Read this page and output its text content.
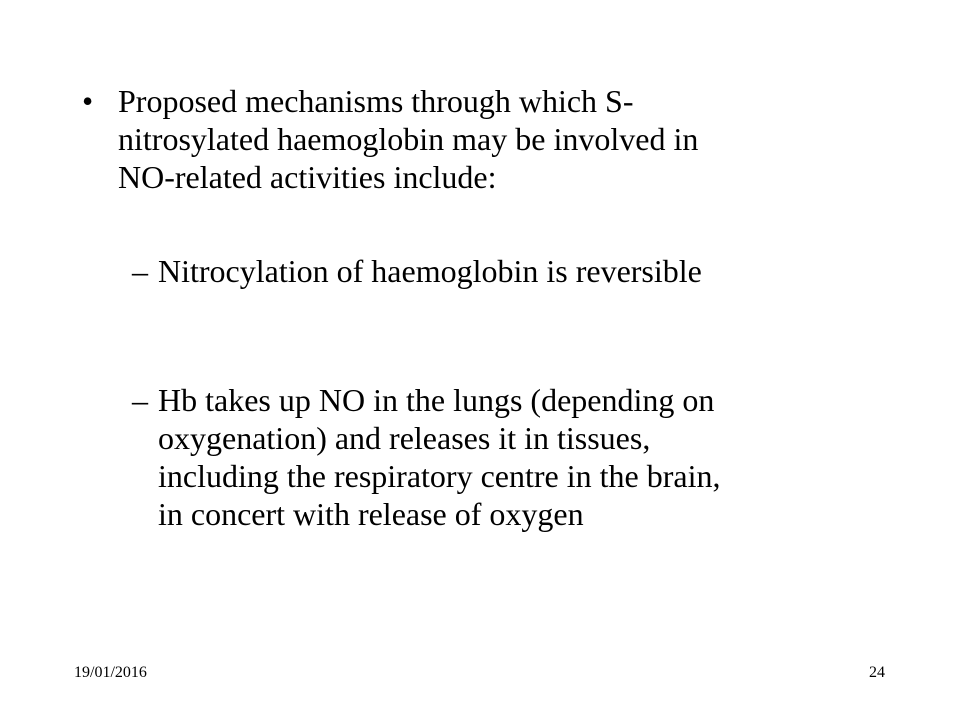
• Proposed mechanisms through which S-
nitrosylated haemoglobin may be involved in
NO-related activities include:
– Nitrocylation of haemoglobin is reversible
– Hb takes up NO in the lungs (depending on
oxygenation) and releases it in tissues,
including the respiratory centre in the brain,
in concert with release of oxygen
19/01/2016	24
